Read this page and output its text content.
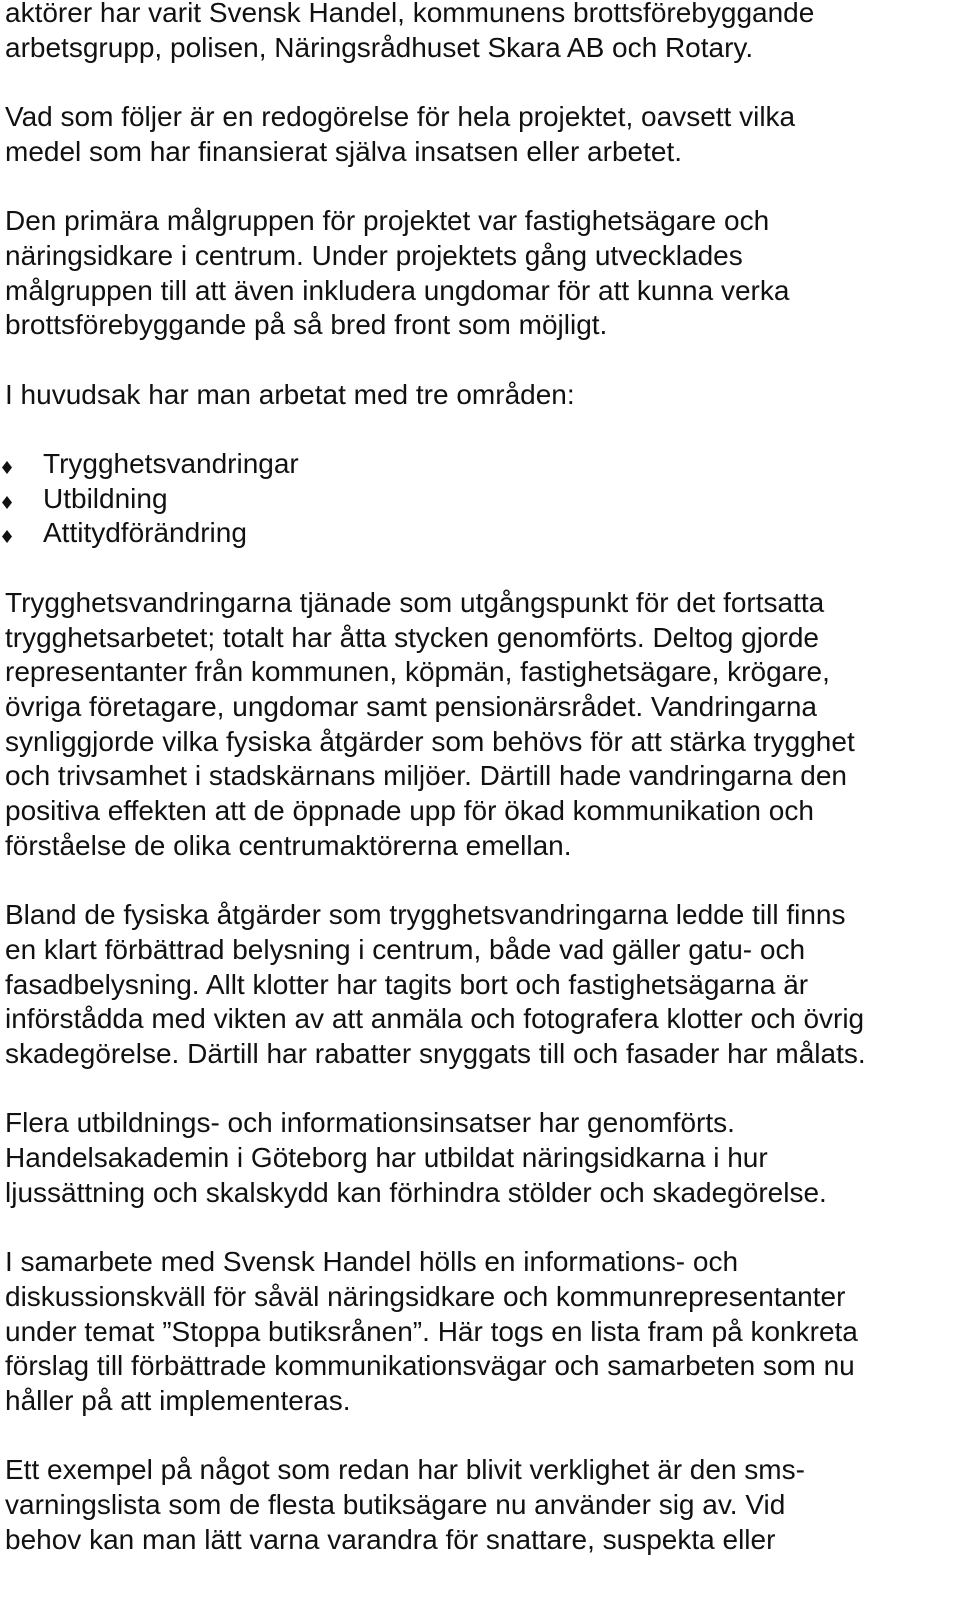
aktörer har varit Svensk Handel, kommunens brottsförebyggande
arbetsgrupp, polisen, Näringsrådhuset Skara AB och Rotary.

Vad som följer är en redogörelse för hela projektet, oavsett vilka
medel som har finansierat själva insatsen eller arbetet.

Den primära målgruppen för projektet var fastighetsägare och
näringsidkare i centrum. Under projektets gång utvecklades
målgruppen till att även inkludera ungdomar för att kunna verka
brottsförebyggande på så bred front som möjligt.

I huvudsak har man arbetat med tre områden:

Trygghetsvandringar
Utbildning
Attitydförändring

Trygghetsvandringarna tjänade som utgångspunkt för det fortsatta
trygghetsarbetet; totalt har åtta stycken genomförts. Deltog gjorde
representanter från kommunen, köpmän, fastighetsägare, krögare,
övriga företagare, ungdomar samt pensionärsrådet. Vandringarna
synliggjorde vilka fysiska åtgärder som behövs för att stärka trygghet
och trivsamhet i stadskärnans miljöer. Därtill hade vandringarna den
positiva effekten att de öppnade upp för ökad kommunikation och
förståelse de olika centrumaktörerna emellan.

Bland de fysiska åtgärder som trygghetsvandringarna ledde till finns
en klart förbättrad belysning i centrum, både vad gäller gatu- och
fasadbelysning. Allt klotter har tagits bort och fastighetsägarna är
införstådda med vikten av att anmäla och fotografera klotter och övrig
skadegörelse. Därtill har rabatter snyggats till och fasader har målats.

Flera utbildnings- och informationsinsatser har genomförts.
Handelsakademin i Göteborg har utbildat näringsidkarna i hur
ljussättning och skalskydd kan förhindra stölder och skadegörelse.

I samarbete med Svensk Handel hölls en informations- och
diskussionskväll för såväl näringsidkare och kommunrepresentanter
under temat ”Stoppa butiksrånen”. Här togs en lista fram på konkreta
förslag till förbättrade kommunikationsvägar och samarbeten som nu
håller på att implementeras.

Ett exempel på något som redan har blivit verklighet är den sms-
varningslista som de flesta butiksägare nu använder sig av. Vid
behov kan man lätt varna varandra för snattare, suspekta eller
